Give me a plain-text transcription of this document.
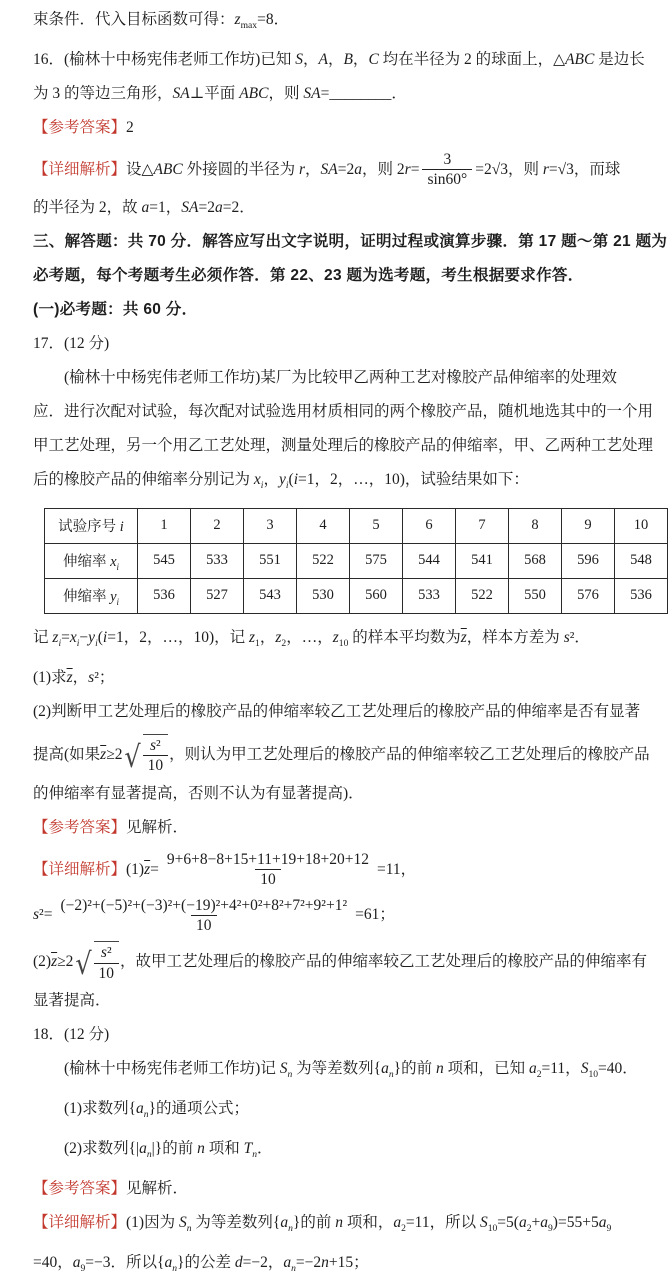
束条件．代入目标函数可得：$z_{max}=8$．

16．(榆林十中杨宪伟老师工作坊)已知 S，A，B，C 均在半径为 2 的球面上，△ABC 是边长

为 3 的等边三角形，SA⊥平面 ABC，则 SA=________．

【参考答案】2

【详细解析】 设△ABC 外接圆的半径为 r，SA=2a，则 $2r= \frac{3}{\sin 60^\circ} =2√3$，则 r=√3，而球

的半径为 2，故 a=1，SA=2a=2．

三、解答题：共 70 分．解答应写出文字说明，证明过程或演算步骤．第 17 题～第 21 题为

必考题，每个考题考生必须作答．第 22、23 题为选考题，考生根据要求作答．

(一)必考题：共 60 分．

17．(12 分)

(榆林十中杨宪伟老师工作坊)某厂为比较甲乙两种工艺对橡胶产品伸缩率的处理效

应．进行次配对试验，每次配对试验选用材质相同的两个橡胶产品，随机地选其中的一个用

甲工艺处理，另一个用乙工艺处理，测量处理后的橡胶产品的伸缩率，甲、乙两种工艺处理

后的橡胶产品的伸缩率分别记为 $x_i$，$y_i(i=1$，2，…，10)，试验结果如下：

试验序号 i	1	2	3	4	5	6	7	8	9	10
伸缩率 $x_i$	545	533	551	522	575	544	541	568	596	548
伸缩率 $y_i$	536	527	543	530	560	533	522	550	576	536

记 $z_i=x_i-y_i(i=1$，2，…，10)，记 $z_1$，$z_2$，…，$z_{10}$ 的样本平均数为$\overline{z}$，样本方差为 s²．

(1)求$\overline{z}$，s²；

(2)判断甲工艺处理后的橡胶产品的伸缩率较乙工艺处理后的橡胶产品的伸缩率是否有显著

提高(如果$\overline{z}\ge 2$ √ $\frac{\text{s²}}{10}$ ，则认为甲工艺处理后的橡胶产品的伸缩率较乙工艺处理后的橡胶产品

的伸缩率有显著提高，否则不认为有显著提高)．

【参考答案】见解析．

【详细解析】 $(1)\overline{z}= \frac{9+6+8-8+15+11+19+18+20+12}{10} =11$，

$s^2= \frac{\text{(−2)²+(−5)²+(−3)²+(−19)²+4²+0²+8²+7²+9²+1²}}{10} =61$；

$(2)\overline{z}\ge 2$ √ $\frac{\text{s²}}{10}$ ，故甲工艺处理后的橡胶产品的伸缩率较乙工艺处理后的橡胶产品的伸缩率有

显著提高．

18．(12 分)

(榆林十中杨宪伟老师工作坊)记 $S_n$ 为等差数列$\{a_n\}$的前 n 项和，已知 $a_2=11$，$S_{10}=40$．

(1)求数列$\{a_n\}$的通项公式；

(2)求数列$\{|a_n|\}$的前 n 项和 $T_n$．

【参考答案】见解析．

【详细解析】(1)因为 $S_n$ 为等差数列$\{a_n\}$的前 n 项和，$a_2=11$，所以 $S_{10}=5(a_2+a_9)=55+5a_9$

=40，$a_9=-3$．所以$\{a_n\}$的公差 d=−2，$a_n=-2n+15$；
